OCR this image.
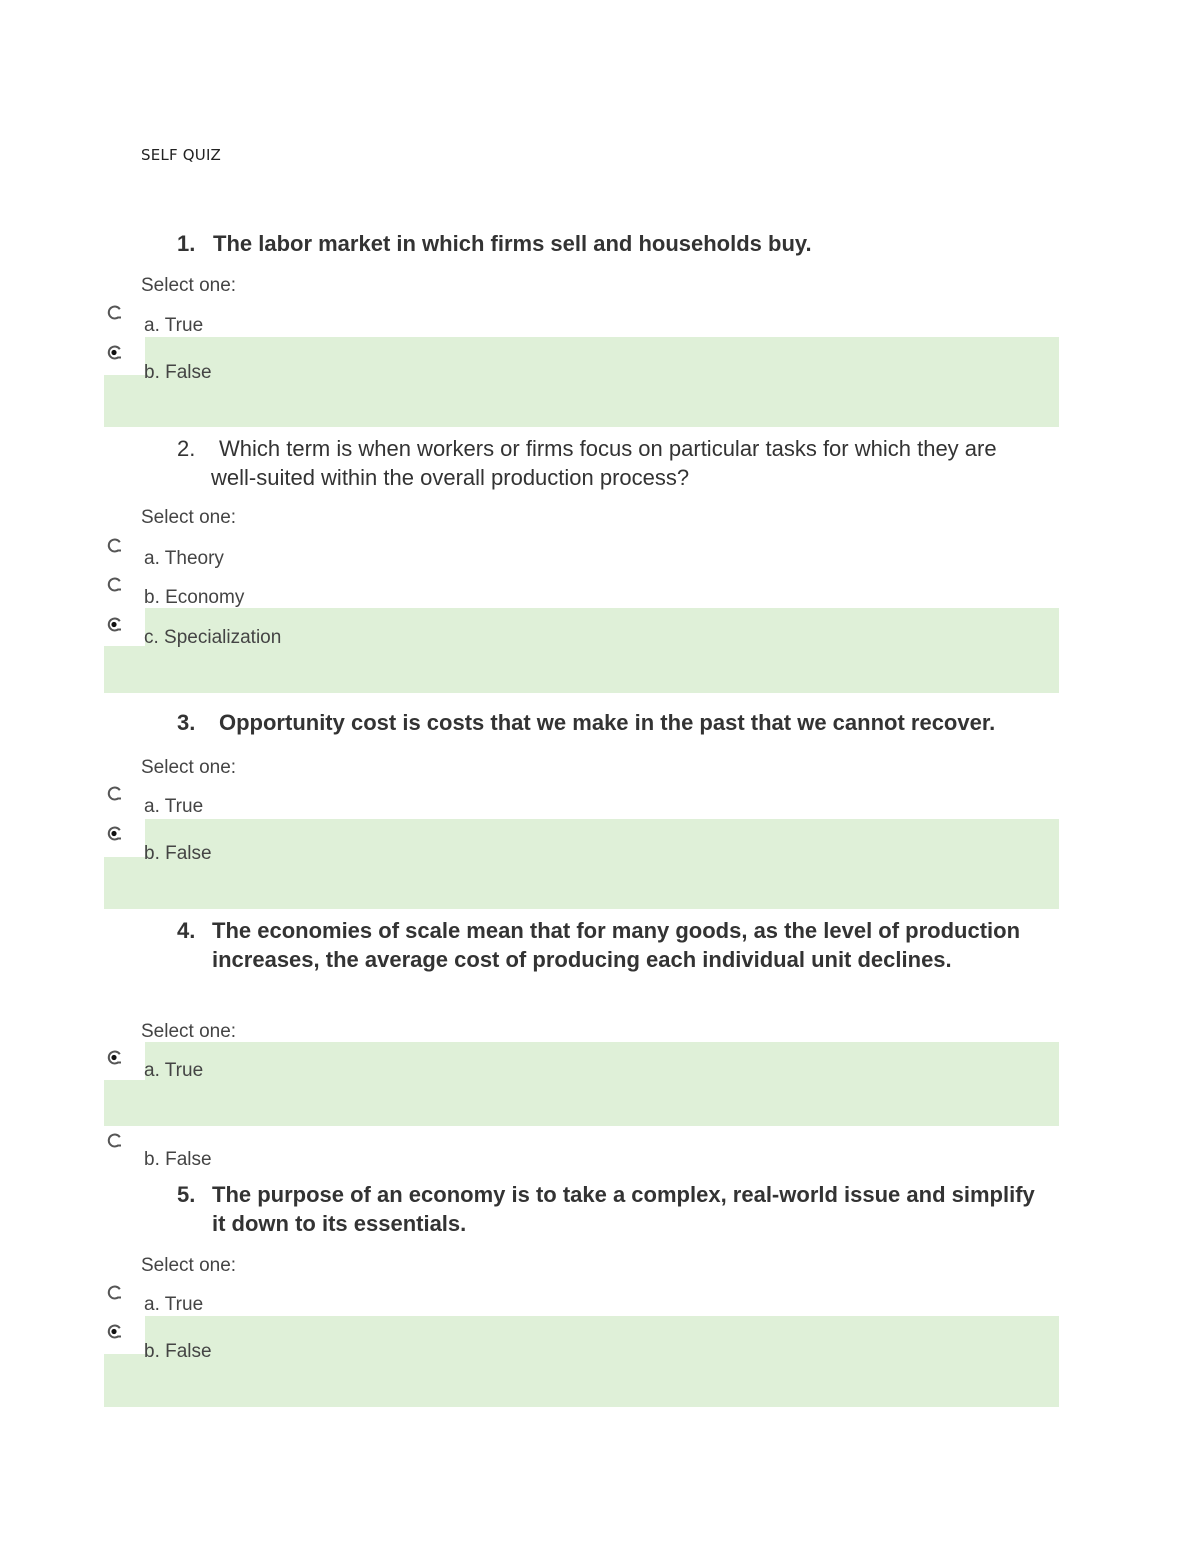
SELF QUIZ
1. The labor market in which firms sell and households buy.
Select one:
a. True
b. False
2.	Which term is when workers or firms focus on particular tasks for which they are well-suited within the overall production process?
Select one:
a. Theory
b. Economy
c. Specialization
3.	Opportunity cost is costs that we make in the past that we cannot recover.
Select one:
a. True
b. False
4. The economies of scale mean that for many goods, as the level of production increases, the average cost of producing each individual unit declines.
Select one:
a. True
b. False
5. The purpose of an economy is to take a complex, real-world issue and simplify it down to its essentials.
Select one:
a. True
b. False
